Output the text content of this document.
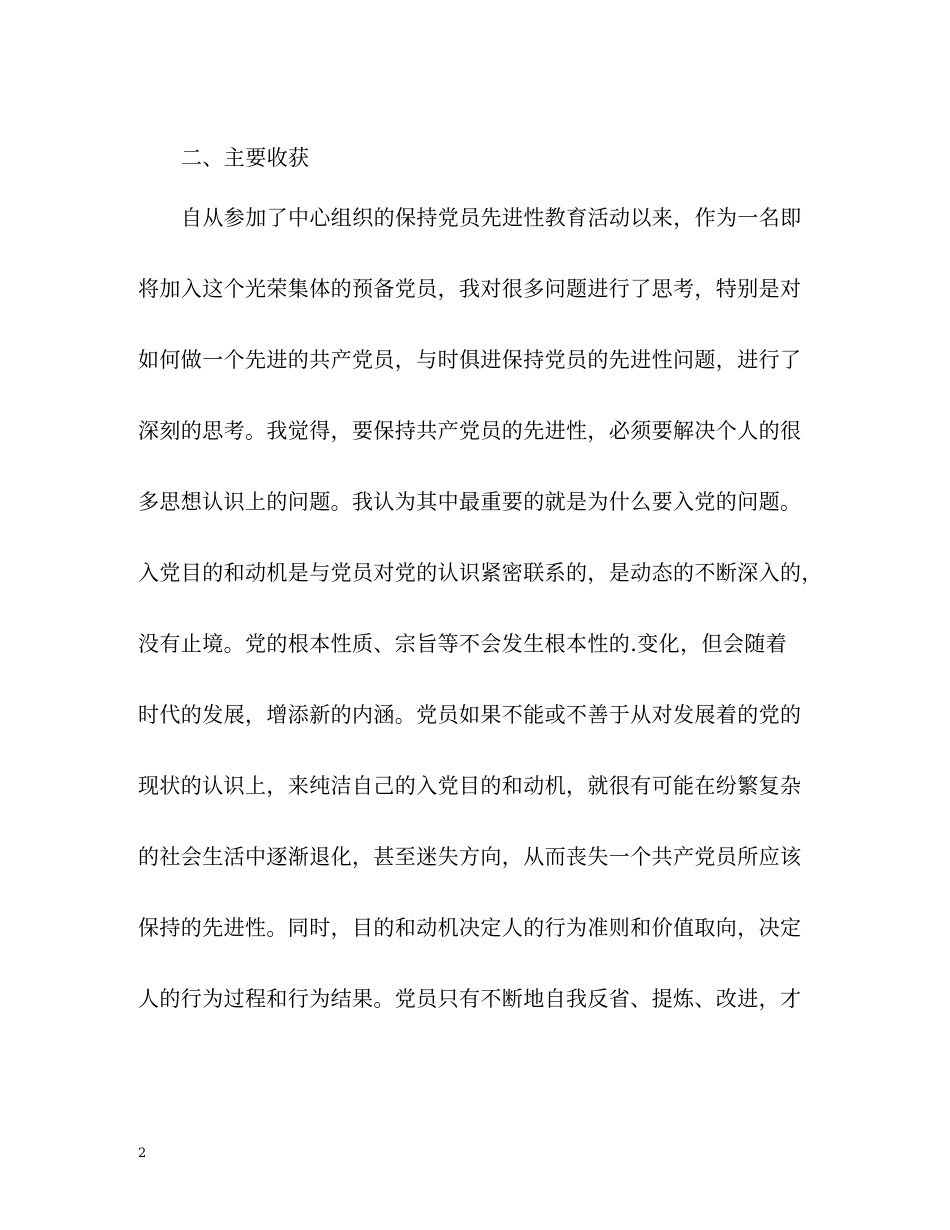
二、主要收获
自从参加了中心组织的保持党员先进性教育活动以来，作为一名即
将加入这个光荣集体的预备党员，我对很多问题进行了思考，特别是对
如何做一个先进的共产党员，与时俱进保持党员的先进性问题，进行了
深刻的思考。我觉得，要保持共产党员的先进性，必须要解决个人的很
多思想认识上的问题。我认为其中最重要的就是为什么要入党的问题。
入党目的和动机是与党员对党的认识紧密联系的，是动态的不断深入的，
没有止境。党的根本性质、宗旨等不会发生根本性的.变化，但会随着
时代的发展，增添新的内涵。党员如果不能或不善于从对发展着的党的
现状的认识上，来纯洁自己的入党目的和动机，就很有可能在纷繁复杂
的社会生活中逐渐退化，甚至迷失方向，从而丧失一个共产党员所应该
保持的先进性。同时，目的和动机决定人的行为准则和价值取向，决定
人的行为过程和行为结果。党员只有不断地自我反省、提炼、改进，才
2
